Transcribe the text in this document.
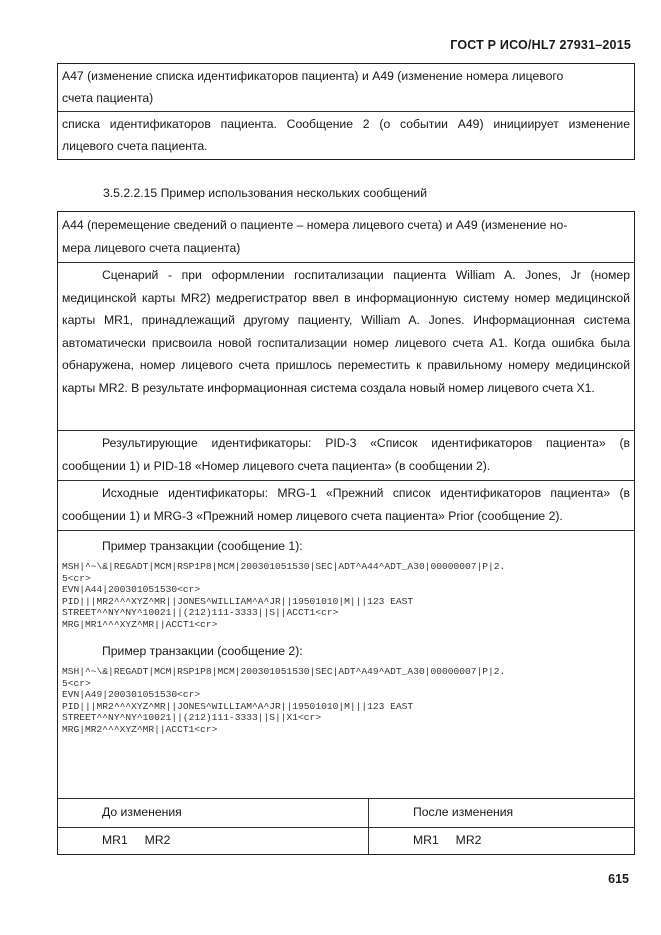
ГОСТ Р ИСО/HL7 27931–2015
A47 (изменение списка идентификаторов пациента) и A49 (изменение номера лицевого
счета пациента)
списка идентификаторов пациента. Сообщение 2 (о событии A49) инициирует изменение
лицевого счета пациента.
3.5.2.2.15 Пример использования нескольких сообщений
A44 (перемещение сведений о пациенте – номера лицевого счета) и A49 (изменение но-
мера лицевого счета пациента)
Сценарий - при оформлении госпитализации пациента William A. Jones, Jr (номер медицинской карты MR2) медрегистратор ввел в информационную систему номер медицинской карты MR1, принадлежащий другому пациенту, William A. Jones. Информационная система автоматически присвоила новой госпитализации номер лицевого счета A1. Когда ошибка была обнаружена, номер лицевого счета пришлось переместить к правильному номеру медицинской карты MR2. В результате информационная система создала новый номер лицевого счета X1.
Результирующие идентификаторы: PID-3 «Список идентификаторов пациента» (в сообщении 1) и PID-18 «Номер лицевого счета пациента» (в сообщении 2).
Исходные идентификаторы: MRG-1 «Прежний список идентификаторов пациента» (в сообщении 1) и MRG-3 «Прежний номер лицевого счета пациента» Prior (сообщение 2).

Пример транзакции (сообщение 1):

MSH|^~\&|REGADT|MCM|RSP1P8|MCM|200301051530|SEC|ADT^A44^ADT_A30|00000007|P|2.
5<cr>
EVN|A44|200301051530<cr>
PID|||MR2^^^XYZ^MR||JONES^WILLIAM^A^JR||19501010|M|||123 EAST
STREET^^NY^NY^10021||(212)111-3333||S||ACCT1<cr>
MRG|MR1^^^XYZ^MR||ACCT1<cr>

Пример транзакции (сообщение 2):

MSH|^~\&|REGADT|MCM|RSP1P8|MCM|200301051530|SEC|ADT^A49^ADT_A30|00000007|P|2.
5<cr>
EVN|A49|200301051530<cr>
PID|||MR2^^^XYZ^MR||JONES^WILLIAM^A^JR||19501010|M|||123 EAST
STREET^^NY^NY^10021||(212)111-3333||S||X1<cr>
MRG|MR2^^^XYZ^MR||ACCT1<cr>
До изменения	После изменения
MR1     MR2	MR1     MR2
615
